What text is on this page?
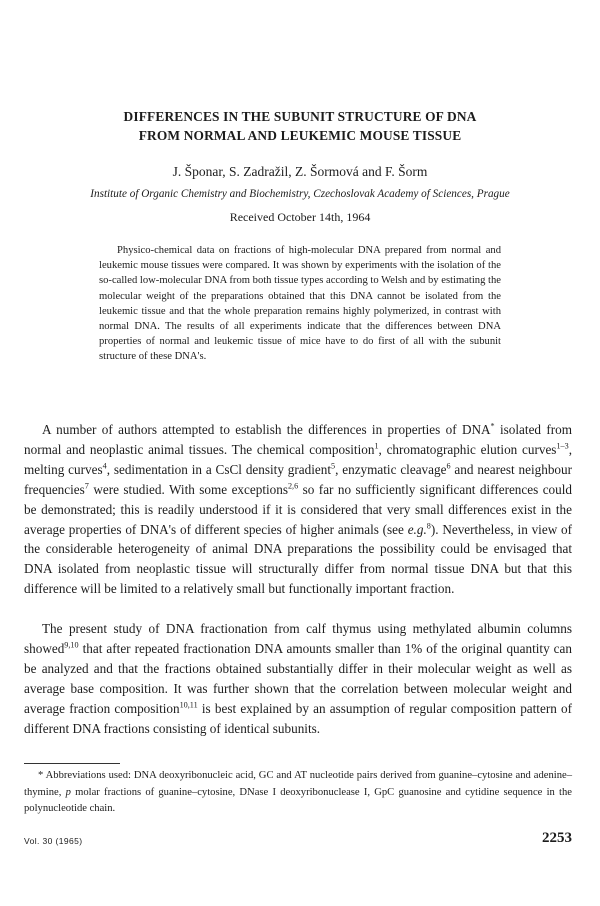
DIFFERENCES IN THE SUBUNIT STRUCTURE OF DNA
FROM NORMAL AND LEUKEMIC MOUSE TISSUE

J. Šponar, S. Zadražil, Z. Šormová and F. Šorm

Institute of Organic Chemistry and Biochemistry, Czechoslovak Academy of Sciences, Prague

Received October 14th, 1964

Physico-chemical data on fractions of high-molecular DNA prepared from normal and leukemic mouse tissues were compared. It was shown by experiments with the isolation of the so-called low-molecular DNA from both tissue types according to Welsh and by estimating the molecular weight of the preparations obtained that this DNA cannot be isolated from the leukemic tissue and that the whole preparation remains highly polymerized, in contrast with normal DNA. The results of all experiments indicate that the differences between DNA properties of normal and leukemic tissue of mice have to do first of all with the subunit structure of these DNA's.

A number of authors attempted to establish the differences in properties of DNA* isolated from normal and neoplastic animal tissues. The chemical composition$^1$, chromatographic elution curves$^{1-3}$, melting curves$^4$, sedimentation in a CsCl density gradient$^5$, enzymatic cleavage$^6$ and nearest neighbour frequencies$^7$ were studied. With some exceptions$^{2,6}$ so far no sufficiently significant differences could be demonstrated; this is readily understood if it is considered that very small differences exist in the average properties of DNA's of different species of higher animals (see e.g.$^8$). Nevertheless, in view of the considerable heterogeneity of animal DNA preparations the possibility could be envisaged that DNA isolated from neoplastic tissue will structurally differ from normal tissue DNA but that this difference will be limited to a relatively small but functionally important fraction.

The present study of DNA fractionation from calf thymus using methylated albumin columns showed$^{9,10}$ that after repeated fractionation DNA amounts smaller than 1% of the original quantity can be analyzed and that the fractions obtained substantially differ in their molecular weight as well as average base composition. It was further shown that the correlation between molecular weight and average fraction composition$^{10,11}$ is best explained by an assumption of regular composition pattern of different DNA fractions consisting of identical subunits.

* Abbreviations used: DNA deoxyribonucleic acid, GC and AT nucleotide pairs derived from guanine–cytosine and adenine–thymine, p molar fractions of guanine–cytosine, DNase I deoxyribonuclease I, GpC guanosine and cytidine sequence in the polynucleotide chain.

Vol. 30 (1965)	2253
